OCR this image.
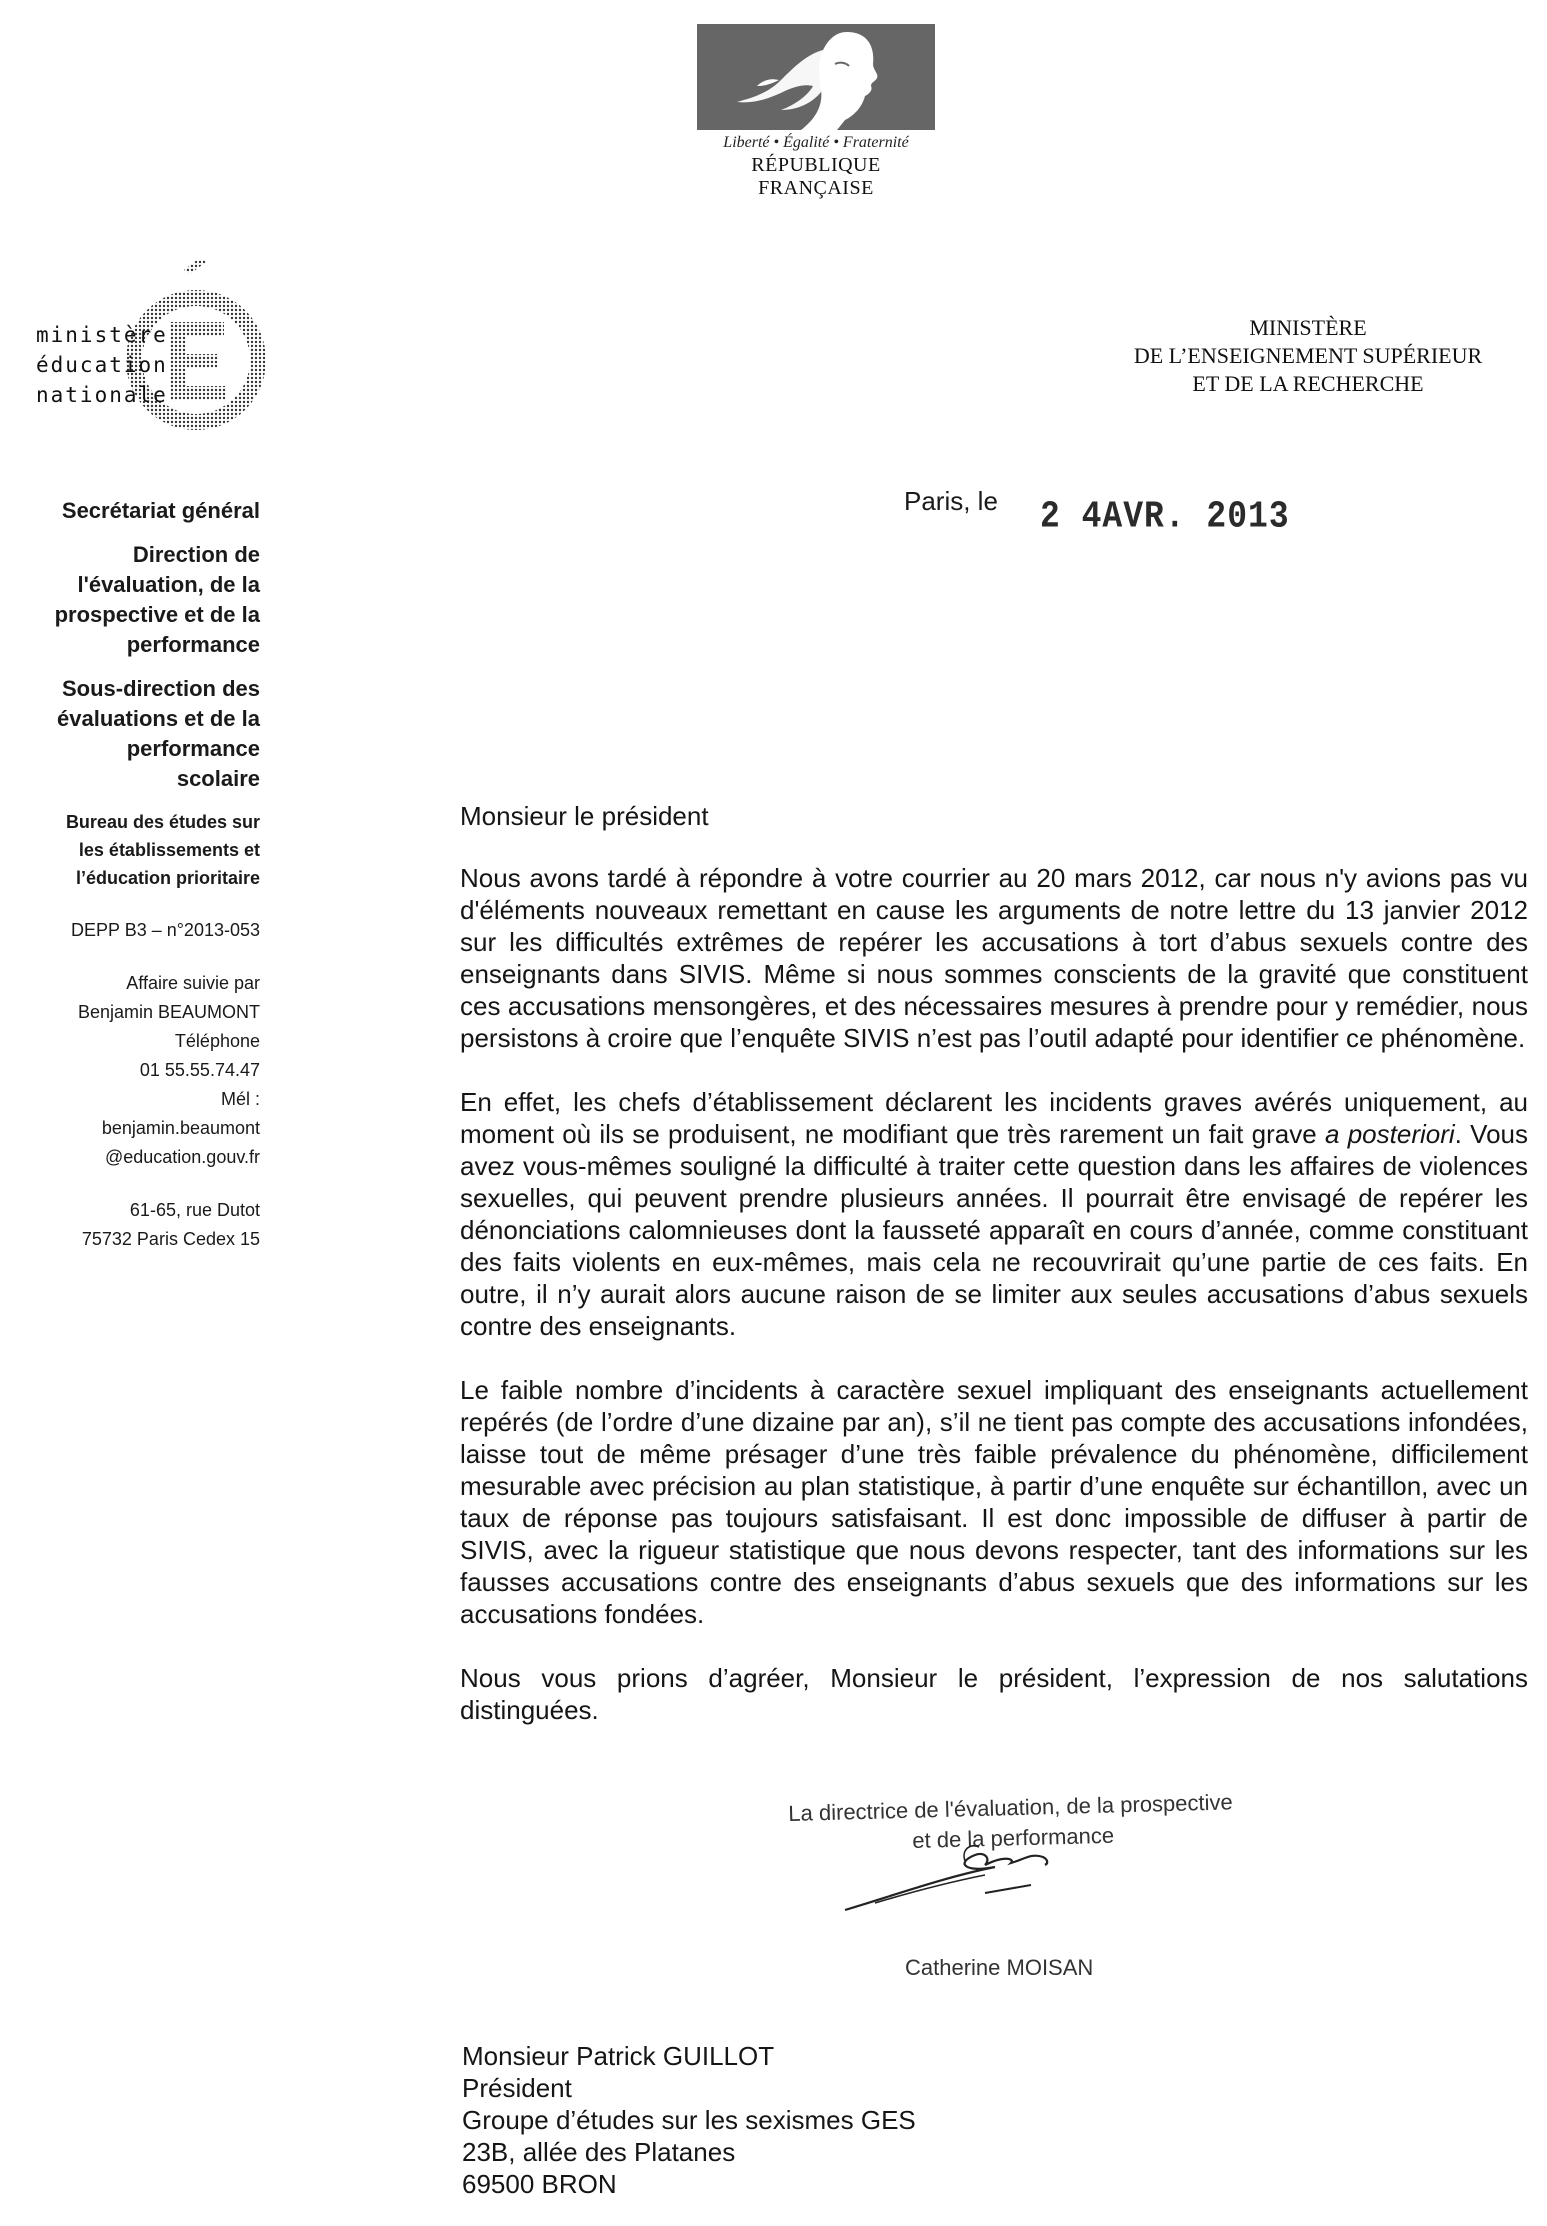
Liberté • Égalité • Fraternité
RÉPUBLIQUE FRANÇAISE
ministère
éducation
nationale
MINISTÈRE
DE L’ENSEIGNEMENT SUPÉRIEUR
ET DE LA RECHERCHE

Secrétariat général

Direction de

l'évaluation, de la

prospective et de la

performance

Sous-direction des

évaluations et de la

performance

scolaire

Bureau des études sur

les établissements et

l’éducation prioritaire

DEPP B3 – n°2013-053

Affaire suivie par

Benjamin BEAUMONT

Téléphone

01 55.55.74.47

Mél :

benjamin.beaumont

@education.gouv.fr

61-65, rue Dutot

75732 Paris Cedex 15

Paris, le 2 4AVR. 2013

Monsieur le président

Nous avons tardé à répondre à votre courrier au 20 mars 2012, car nous n'y avions pas vu d'éléments nouveaux remettant en cause les arguments de notre lettre du 13 janvier 2012 sur les difficultés extrêmes de repérer les accusations à tort d’abus sexuels contre des enseignants dans SIVIS. Même si nous sommes conscients de la gravité que constituent ces accusations mensongères, et des nécessaires mesures à prendre pour y remédier, nous persistons à croire que l’enquête SIVIS n’est pas l’outil adapté pour identifier ce phénomène.

En effet, les chefs d’établissement déclarent les incidents graves avérés uniquement, au moment où ils se produisent, ne modifiant que très rarement un fait grave a posteriori. Vous avez vous-mêmes souligné la difficulté à traiter cette question dans les affaires de violences sexuelles, qui peuvent prendre plusieurs années. Il pourrait être envisagé de repérer les dénonciations calomnieuses dont la fausseté apparaît en cours d’année, comme constituant des faits violents en eux-mêmes, mais cela ne recouvrirait qu’une partie de ces faits. En outre, il n’y aurait alors aucune raison de se limiter aux seules accusations d’abus sexuels contre des enseignants.

Le faible nombre d’incidents à caractère sexuel impliquant des enseignants actuellement repérés (de l’ordre d’une dizaine par an), s’il ne tient pas compte des accusations infondées, laisse tout de même présager d’une très faible prévalence du phénomène, difficilement mesurable avec précision au plan statistique, à partir d’une enquête sur échantillon, avec un taux de réponse pas toujours satisfaisant. Il est donc impossible de diffuser à partir de SIVIS, avec la rigueur statistique que nous devons respecter, tant des informations sur les fausses accusations contre des enseignants d’abus sexuels que des informations sur les accusations fondées.

Nous vous prions d’agréer, Monsieur le président, l’expression de nos salutations distinguées.

La directrice de l'évaluation, de la prospective
et de la performance
Catherine MOISAN

Monsieur Patrick GUILLOT

Président

Groupe d’études sur les sexismes GES

23B, allée des Platanes

69500 BRON
